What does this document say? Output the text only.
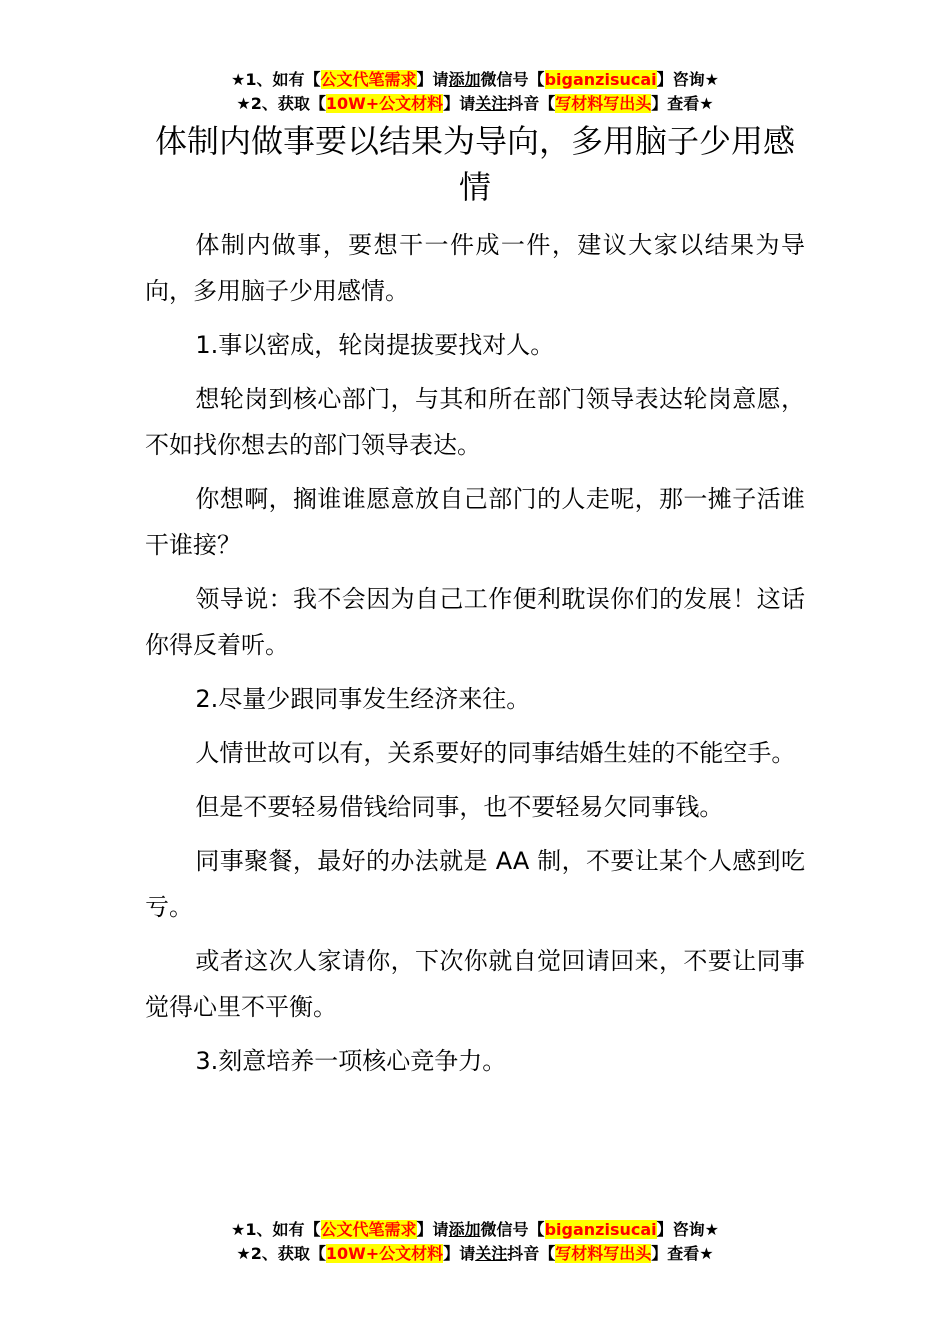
★1、如有【公文代笔需求】请添加微信号【biganzisucai】咨询★
★2、获取【10W+公文材料】请关注抖音【写材料写出头】查看★
体制内做事要以结果为导向，多用脑子少用感情

体制内做事，要想干一件成一件，建议大家以结果为导向，多用脑子少用感情。

1.事以密成，轮岗提拔要找对人。

想轮岗到核心部门，与其和所在部门领导表达轮岗意愿，不如找你想去的部门领导表达。

你想啊，搁谁谁愿意放自己部门的人走呢，那一摊子活谁干谁接？

领导说：我不会因为自己工作便利耽误你们的发展！这话你得反着听。

2.尽量少跟同事发生经济来往。

人情世故可以有，关系要好的同事结婚生娃的不能空手。

但是不要轻易借钱给同事，也不要轻易欠同事钱。

同事聚餐，最好的办法就是 AA 制，不要让某个人感到吃亏。

或者这次人家请你，下次你就自觉回请回来，不要让同事觉得心里不平衡。

3.刻意培养一项核心竞争力。

★1、如有【公文代笔需求】请添加微信号【biganzisucai】咨询★
★2、获取【10W+公文材料】请关注抖音【写材料写出头】查看★
